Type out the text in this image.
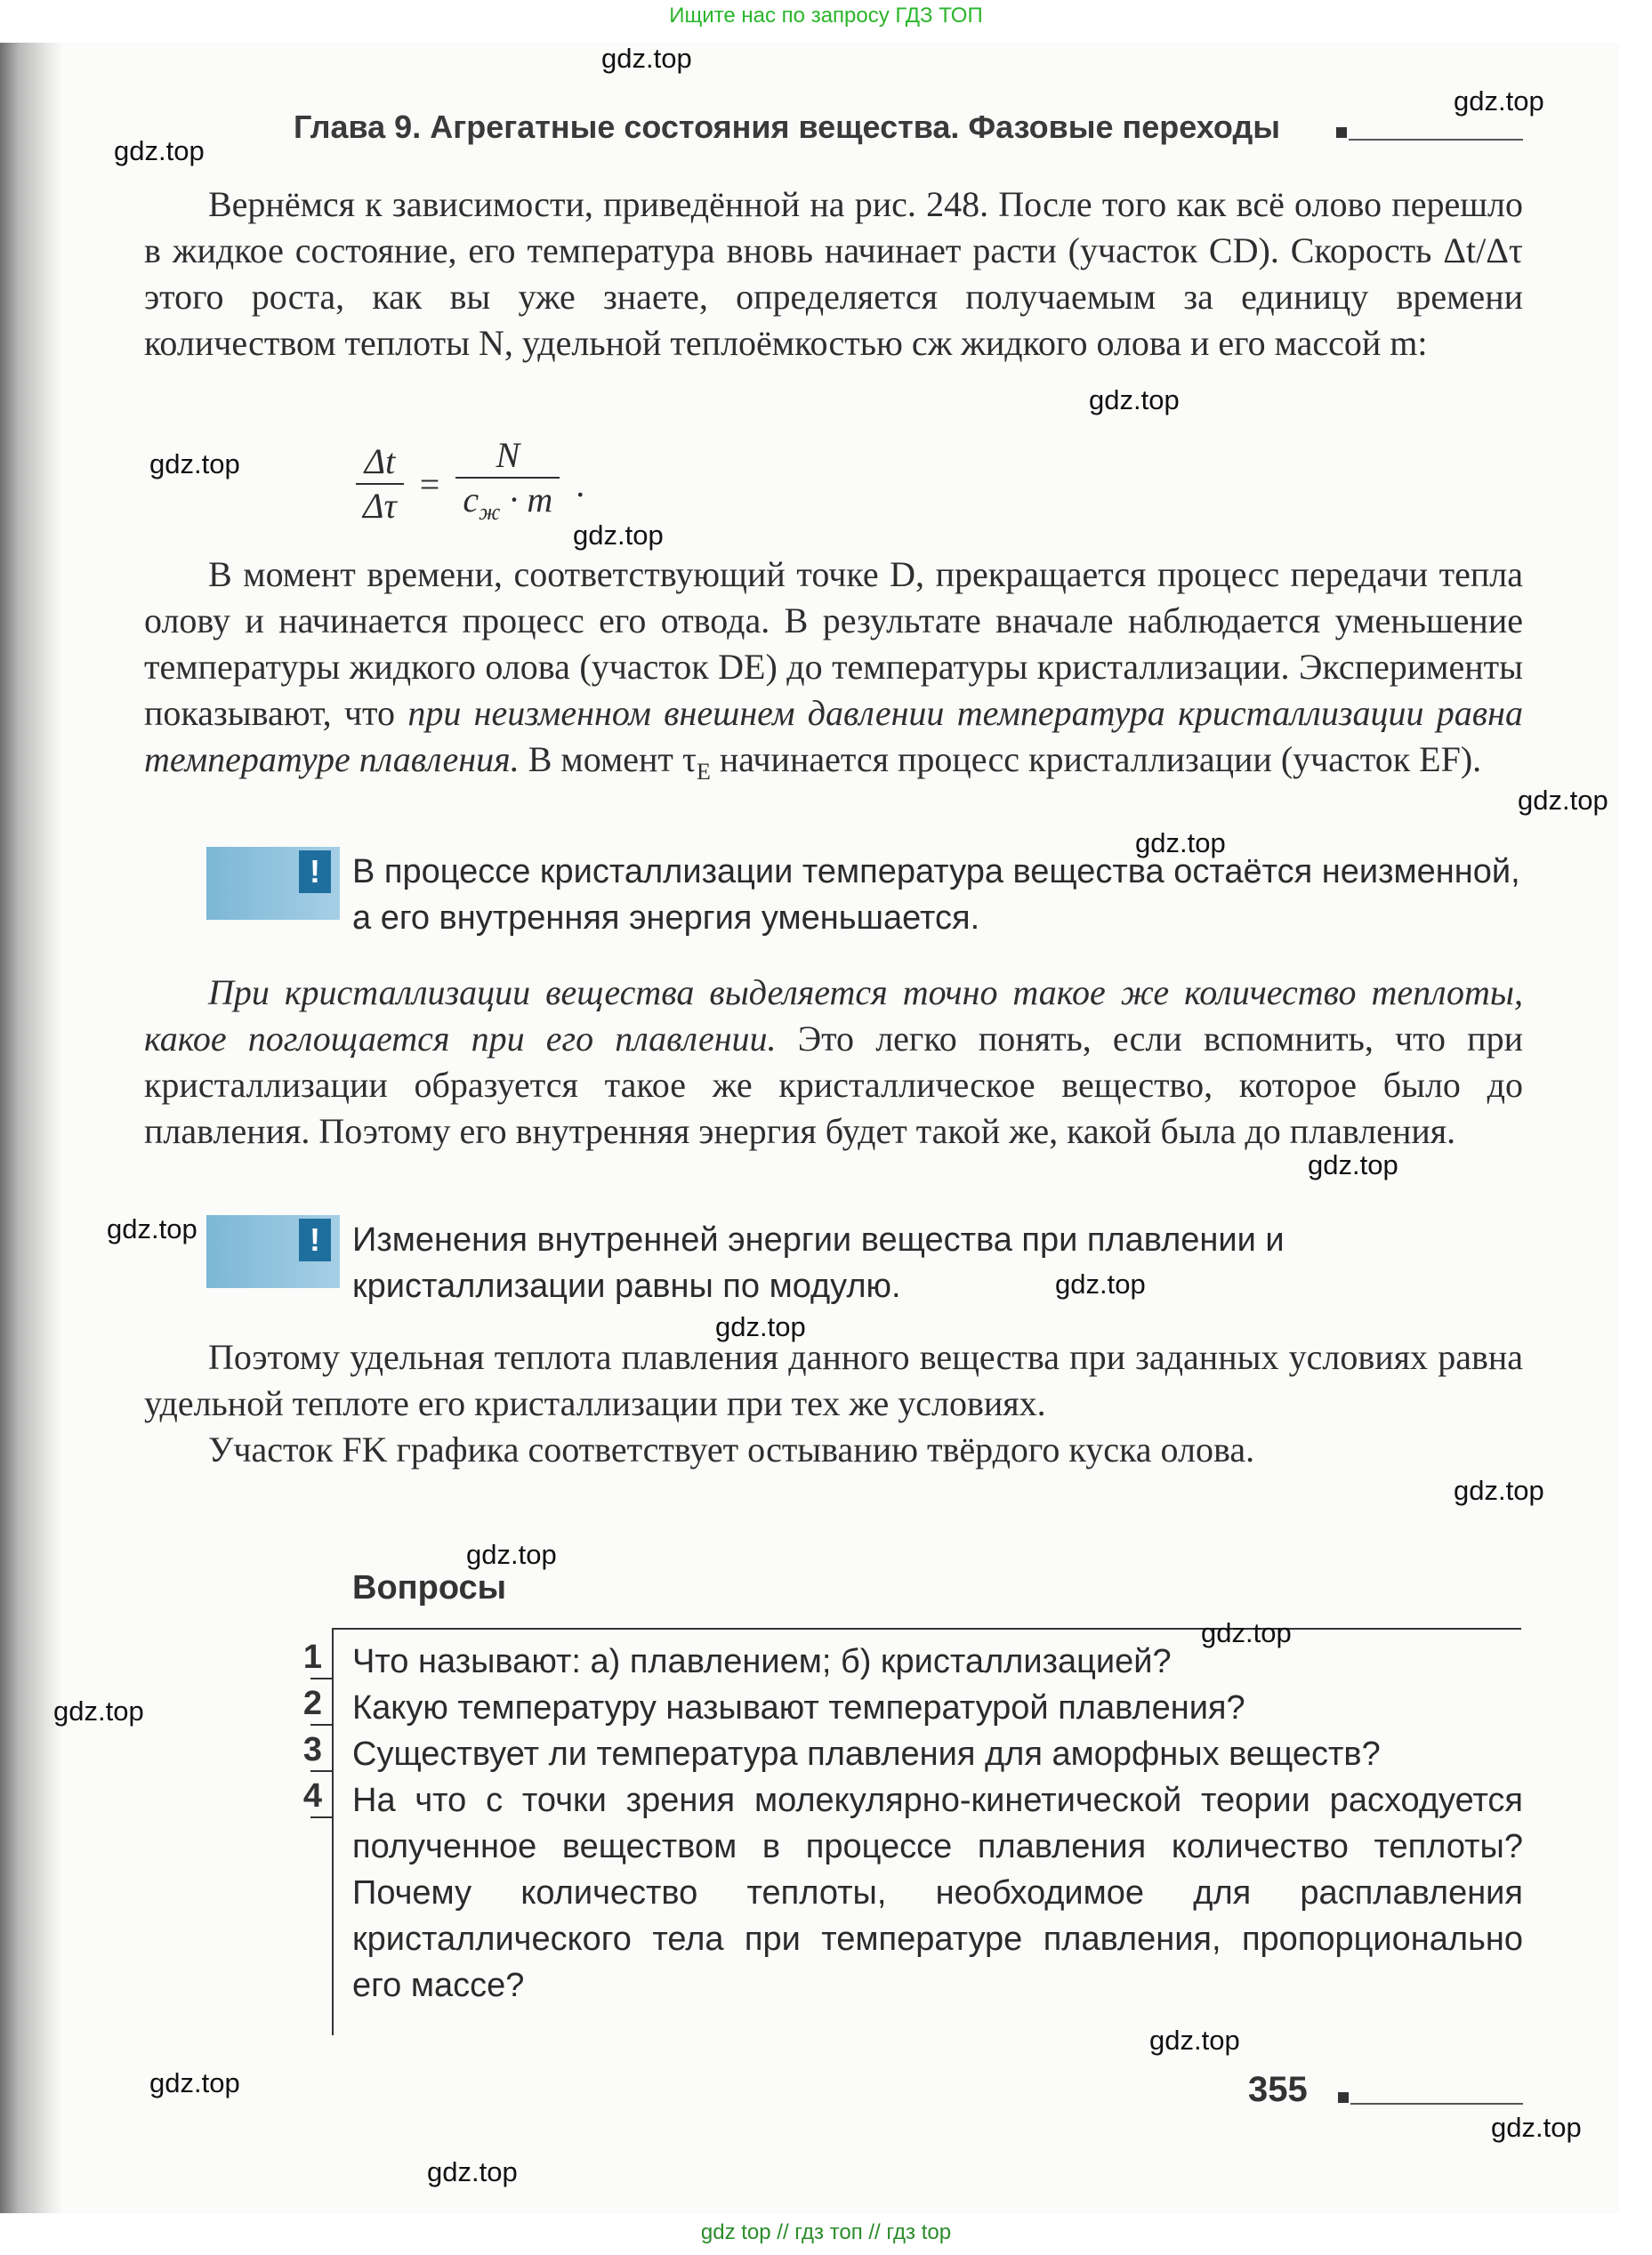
Ищите нас по запросу ГДЗ ТОП
Глава 9. Агрегатные состояния вещества. Фазовые переходы
Вернёмся к зависимости, приведённой на рис. 248. После того как всё олово перешло в жидкое состояние, его температура вновь начинает расти (участок CD). Скорость Δt/Δτ этого роста, как вы уже знаете, определяется получаемым за единицу времени количеством теплоты N, удельной теплоёмкостью cж жидкого олова и его массой m:
$\frac{\Delta t}{\Delta\tau} = \frac{N}{c_ж \cdot m}$ .
В момент времени, соответствующий точке D, прекращается процесс передачи тепла олову и начинается процесс его отвода. В результате вначале наблюдается уменьшение температуры жидкого олова (участок DE) до температуры кристаллизации. Эксперименты показывают, что при неизменном внешнем давлении температура кристаллизации равна температуре плавления. В момент $\tau_E$ начинается процесс кристаллизации (участок EF).
! В процессе кристаллизации температура вещества остаётся неизменной, а его внутренняя энергия уменьшается.
При кристаллизации вещества выделяется точно такое же количество теплоты, какое поглощается при его плавлении. Это легко понять, если вспомнить, что при кристаллизации образуется такое же кристаллическое вещество, которое было до плавления. Поэтому его внутренняя энергия будет такой же, какой была до плавления.
! Изменения внутренней энергии вещества при плавлении и кристаллизации равны по модулю.
Поэтому удельная теплота плавления данного вещества при заданных условиях равна удельной теплоте его кристаллизации при тех же условиях.
Участок FK графика соответствует остыванию твёрдого куска олова.
Вопросы
1 Что называют: а) плавлением; б) кристаллизацией?
2 Какую температуру называют температурой плавления?
3 Существует ли температура плавления для аморфных веществ?
4 На что с точки зрения молекулярно-кинетической теории расходуется полученное веществом в процессе плавления количество теплоты? Почему количество теплоты, необходимое для расплавления кристаллического тела при температуре плавления, пропорционально его массе?
355
gdz.top
gdz.top
gdz.top
gdz.top
gdz.top
gdz.top
gdz.top
gdz.top
gdz.top
gdz.top
gdz.top
gdz.top
gdz.top
gdz.top
gdz.top
gdz.top
gdz.top
gdz.top
gdz.top
gdz.top
gdz top // гдз топ // гдз top
